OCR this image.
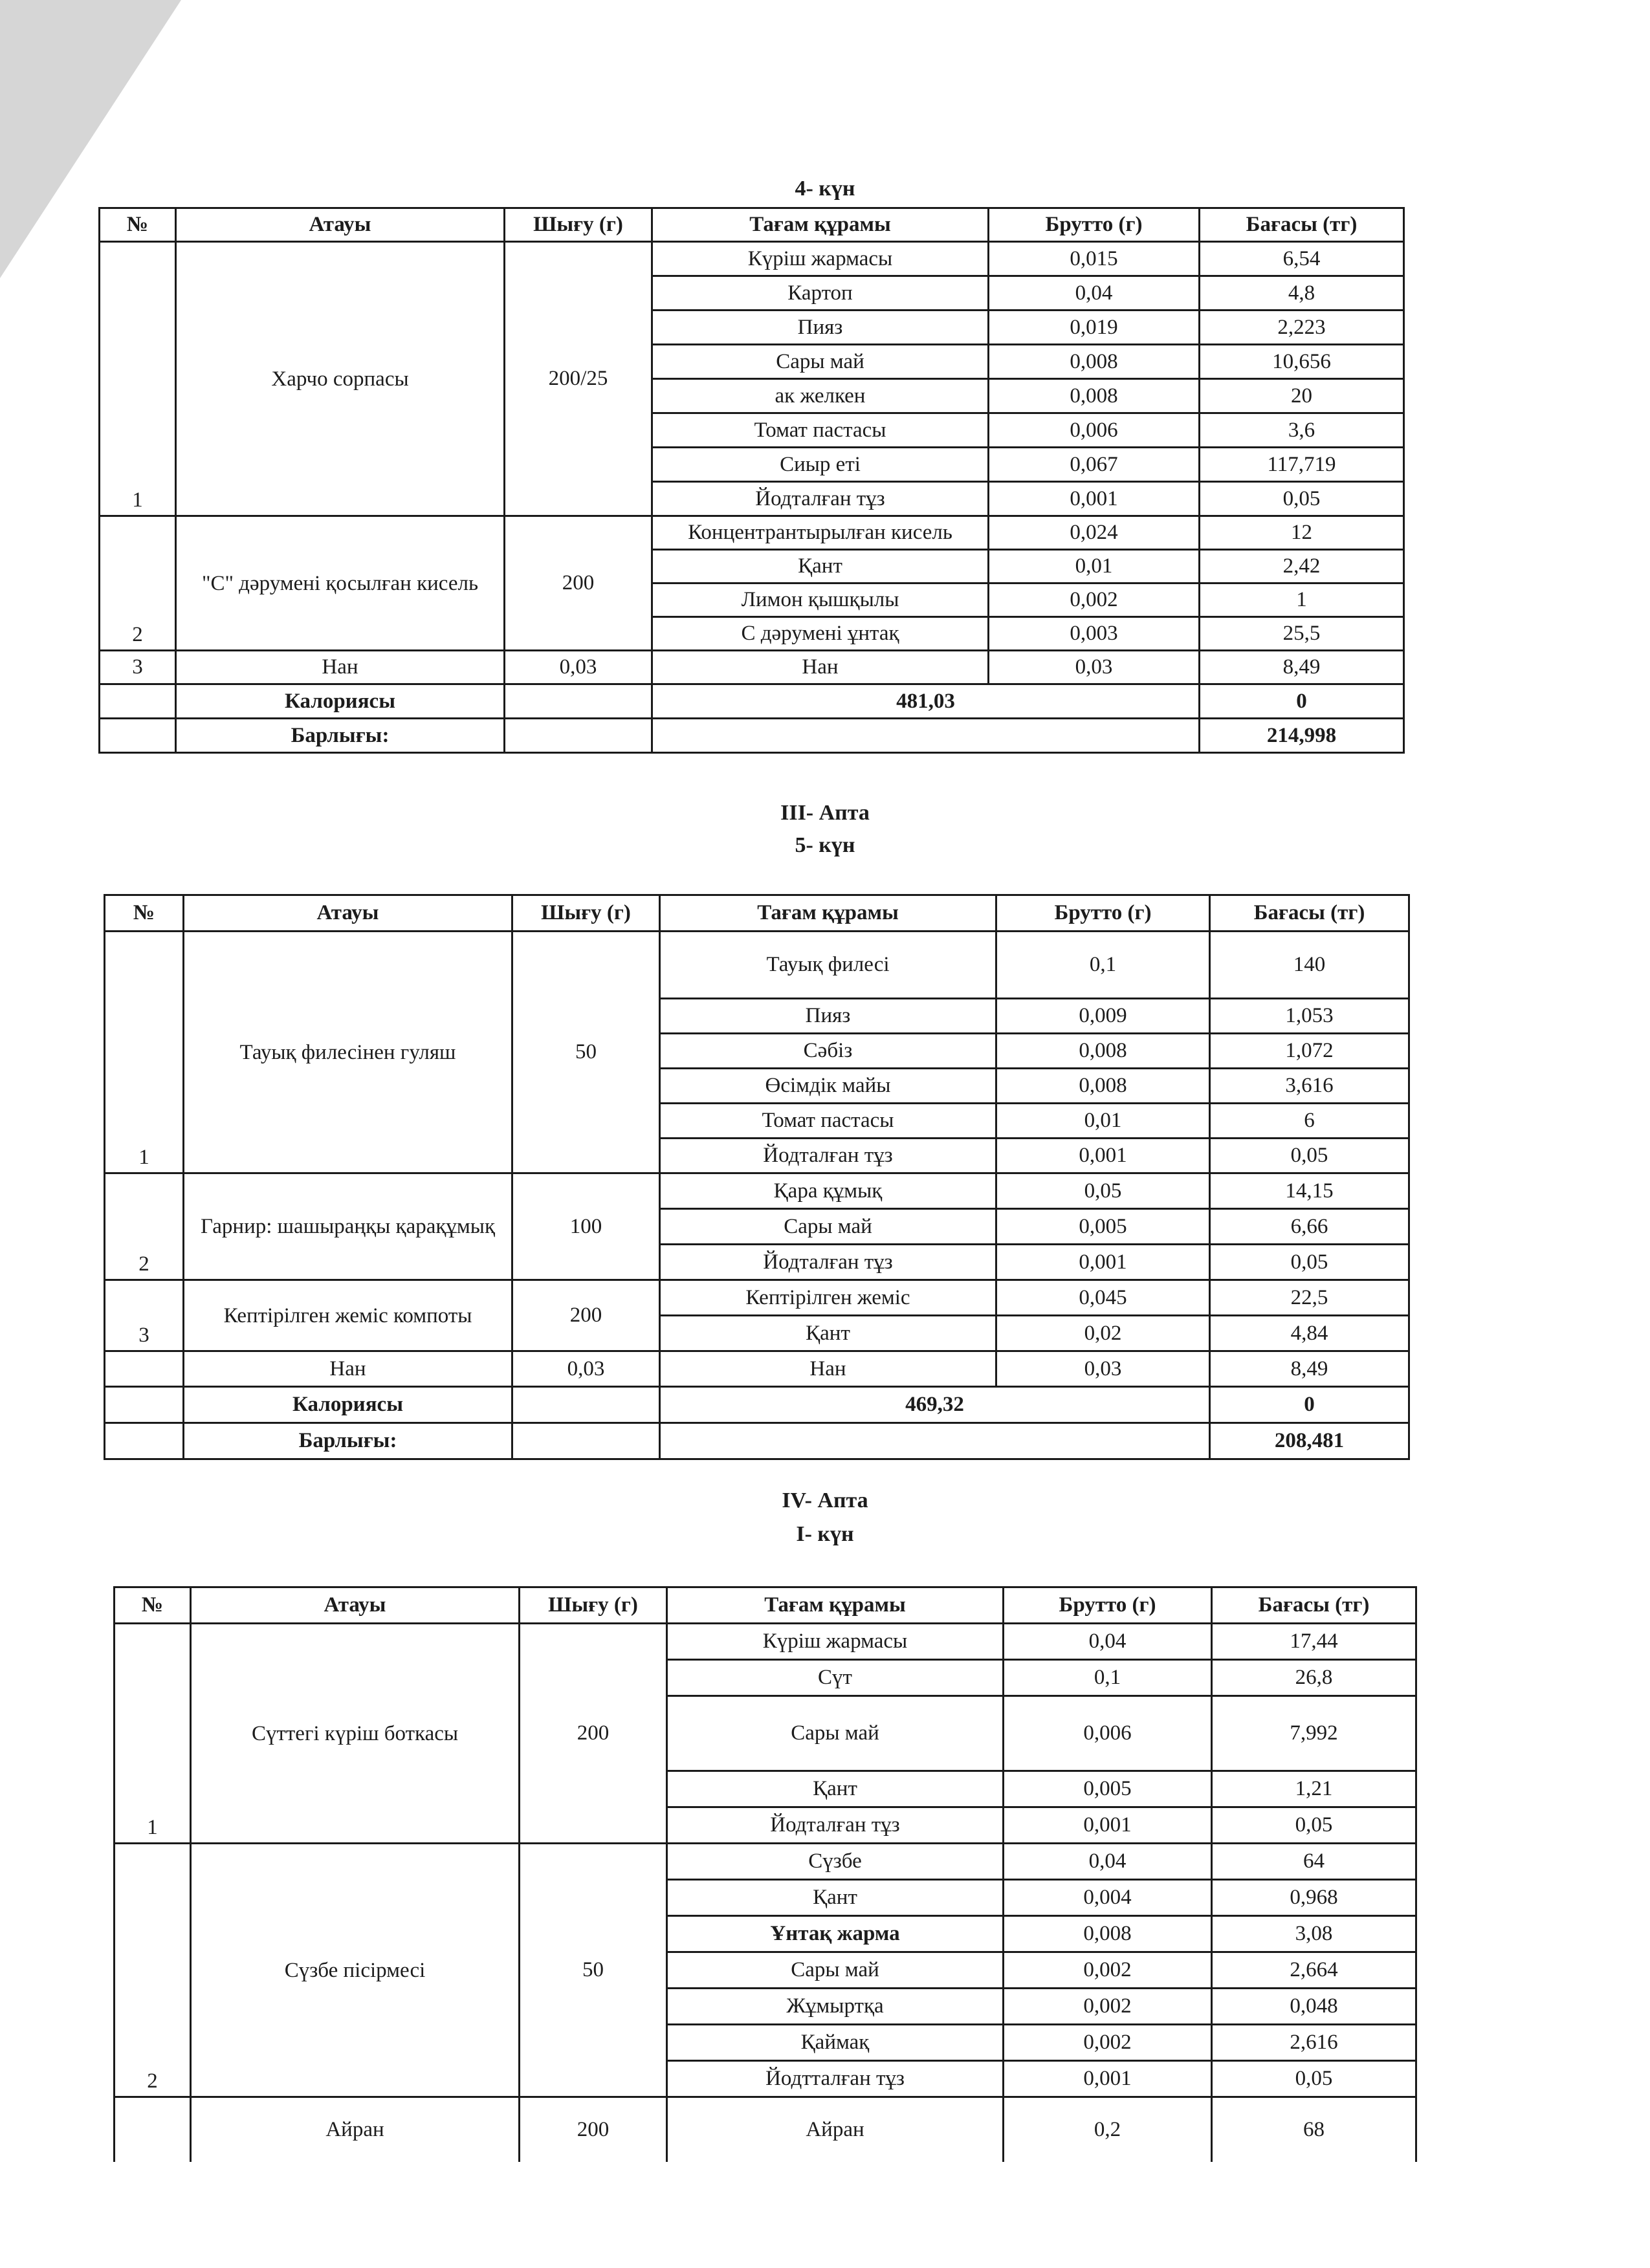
4- күн
№	Атауы	Шығу (г)	Тағам құрамы	Брутто (г)	Бағасы (тг)
1	Харчо сорпасы	200/25	Күріш жармасы	0,015	6,54
			Картоп	0,04	4,8
			Пияз	0,019	2,223
			Сары май	0,008	10,656
			ак желкен	0,008	20
			Томат пастасы	0,006	3,6
			Сиыр еті	0,067	117,719
			Йодталған тұз	0,001	0,05
2	"С" дәрумені қосылған кисель	200	Концентрантырылған кисель	0,024	12
			Қант	0,01	2,42
			Лимон қышқылы	0,002	1
			С дәрумені ұнтақ	0,003	25,5
3	Нан	0,03	Нан	0,03	8,49
	Калориясы		481,03		0
	Барлығы:				214,998
III- Апта
5- күн
№	Атауы	Шығу (г)	Тағам құрамы	Брутто (г)	Бағасы (тг)
1	Тауық филесінен гуляш	50	Тауық филесі	0,1	140
			Пияз	0,009	1,053
			Сәбіз	0,008	1,072
			Өсімдік майы	0,008	3,616
			Томат пастасы	0,01	6
			Йодталған тұз	0,001	0,05
2	Гарнир: шашыраңқы қарақұмық	100	Қара құмық	0,05	14,15
			Сары май	0,005	6,66
			Йодталған тұз	0,001	0,05
3	Кептірілген жеміс компоты	200	Кептірілген жеміс	0,045	22,5
			Қант	0,02	4,84
	Нан	0,03	Нан	0,03	8,49
	Калориясы		469,32		0
	Барлығы:				208,481
IV- Апта
І- күн
№	Атауы	Шығу (г)	Тағам құрамы	Брутто (г)	Бағасы (тг)
1	Сүттегі күріш боткасы	200	Күріш жармасы	0,04	17,44
			Сүт	0,1	26,8
			Сары май	0,006	7,992
			Қант	0,005	1,21
			Йодталған тұз	0,001	0,05
2	Сүзбе пісірмесі	50	Сүзбе	0,04	64
			Қант	0,004	0,968
			Ұнтақ жарма	0,008	3,08
			Сары май	0,002	2,664
			Жұмыртқа	0,002	0,048
			Қаймақ	0,002	2,616
			Йодтталған тұз	0,001	0,05
	Айран	200	Айран	0,2	68
